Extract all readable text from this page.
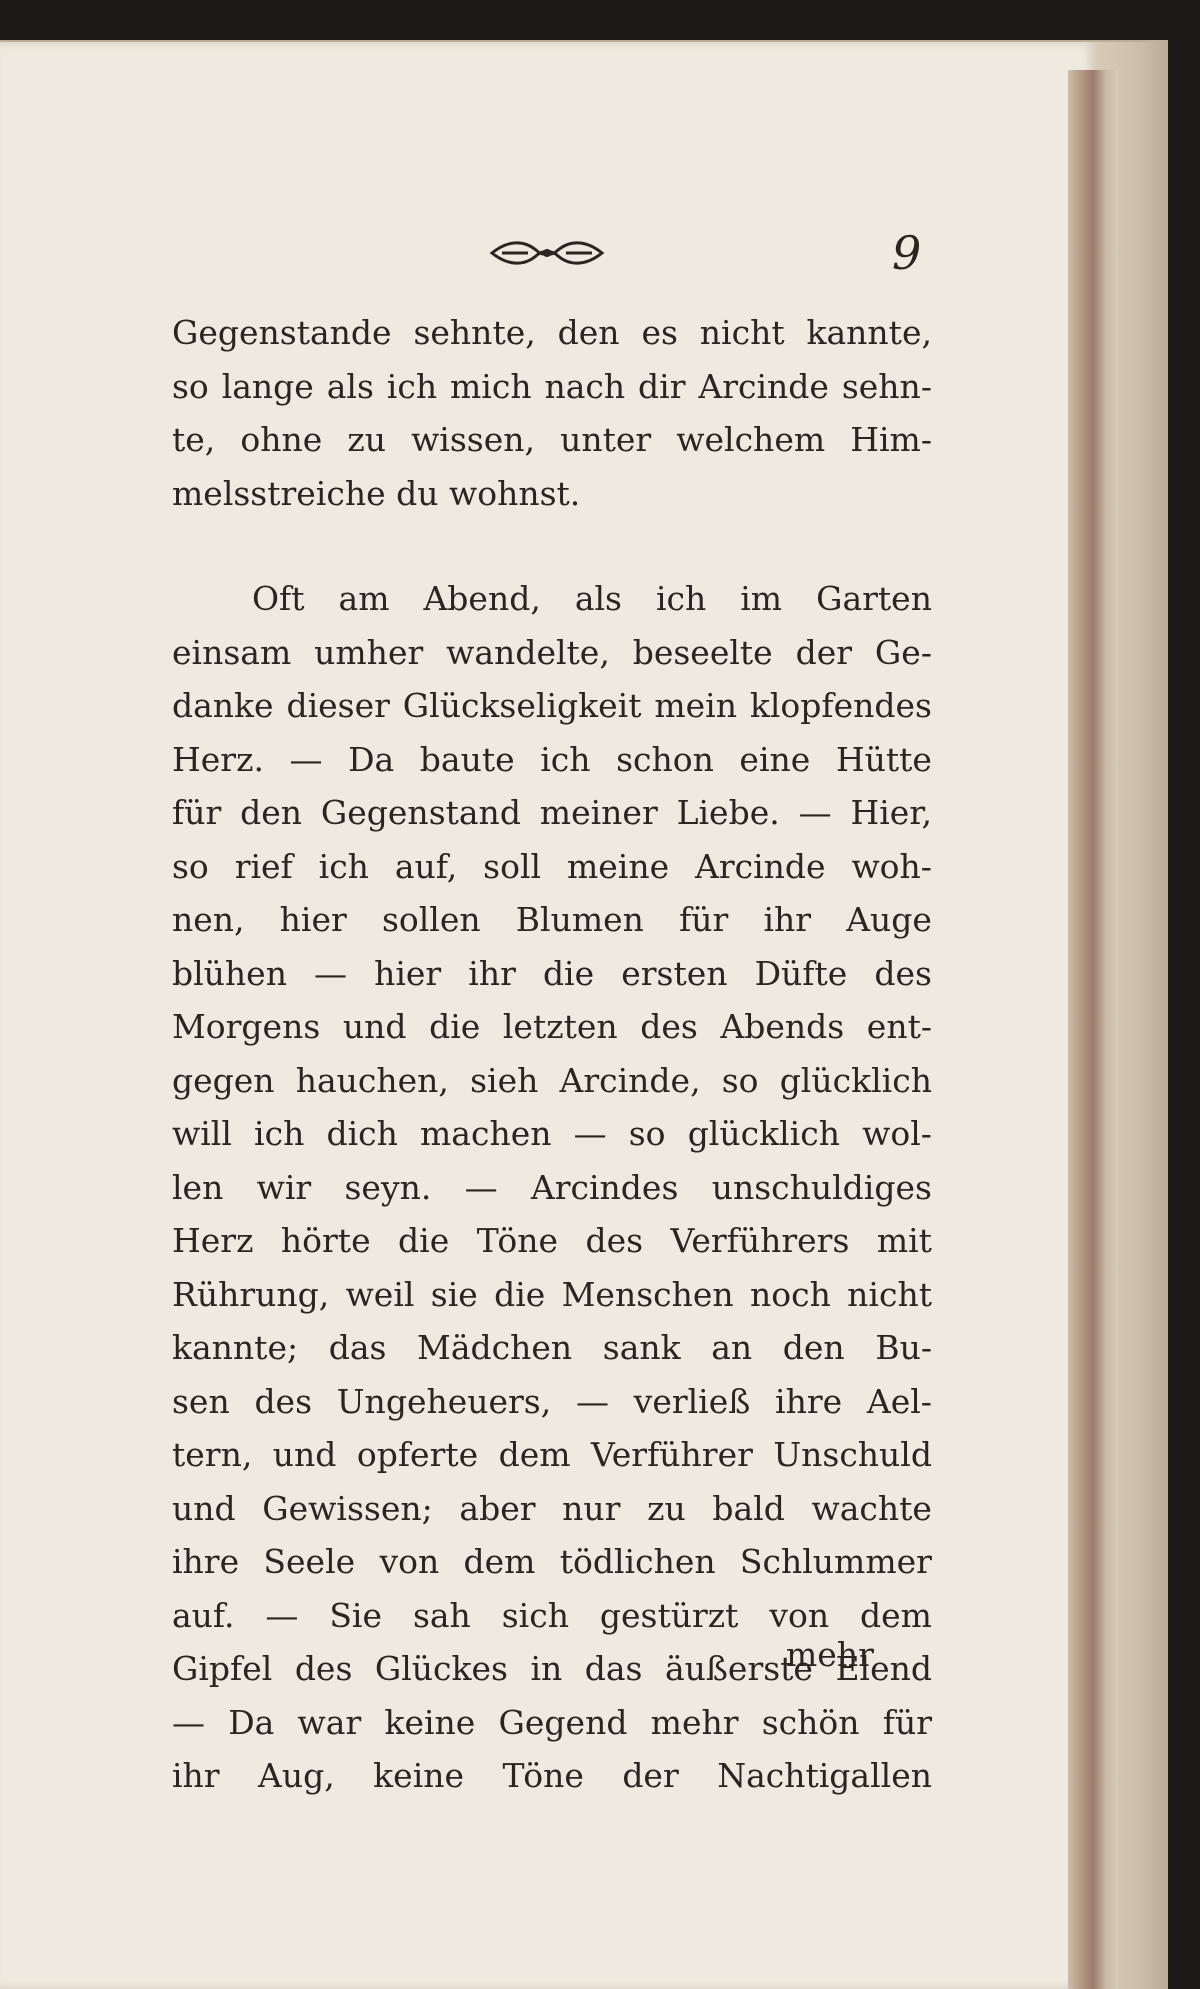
9
Gegenstande sehnte, den es nicht kannte,
so lange als ich mich nach dir Arcinde sehn-
te, ohne zu wissen, unter welchem Him-
melsstreiche du wohnst.
Oft am Abend, als ich im Garten
einsam umher wandelte, beseelte der Ge-
danke dieser Glückseligkeit mein klopfendes
Herz. — Da baute ich schon eine Hütte
für den Gegenstand meiner Liebe. — Hier,
so rief ich auf, soll meine Arcinde woh-
nen, hier sollen Blumen für ihr Auge
blühen — hier ihr die ersten Düfte des
Morgens und die letzten des Abends ent-
gegen hauchen, sieh Arcinde, so glücklich
will ich dich machen — so glücklich wol-
len wir seyn. — Arcindes unschuldiges
Herz hörte die Töne des Verführers mit
Rührung, weil sie die Menschen noch nicht
kannte; das Mädchen sank an den Bu-
sen des Ungeheuers, — verließ ihre Ael-
tern, und opferte dem Verführer Unschuld
und Gewissen; aber nur zu bald wachte
ihre Seele von dem tödlichen Schlummer
auf. — Sie sah sich gestürzt von dem
Gipfel des Glückes in das äußerste Elend
— Da war keine Gegend mehr schön für
ihr Aug, keine Töne der Nachtigallen
mehr
